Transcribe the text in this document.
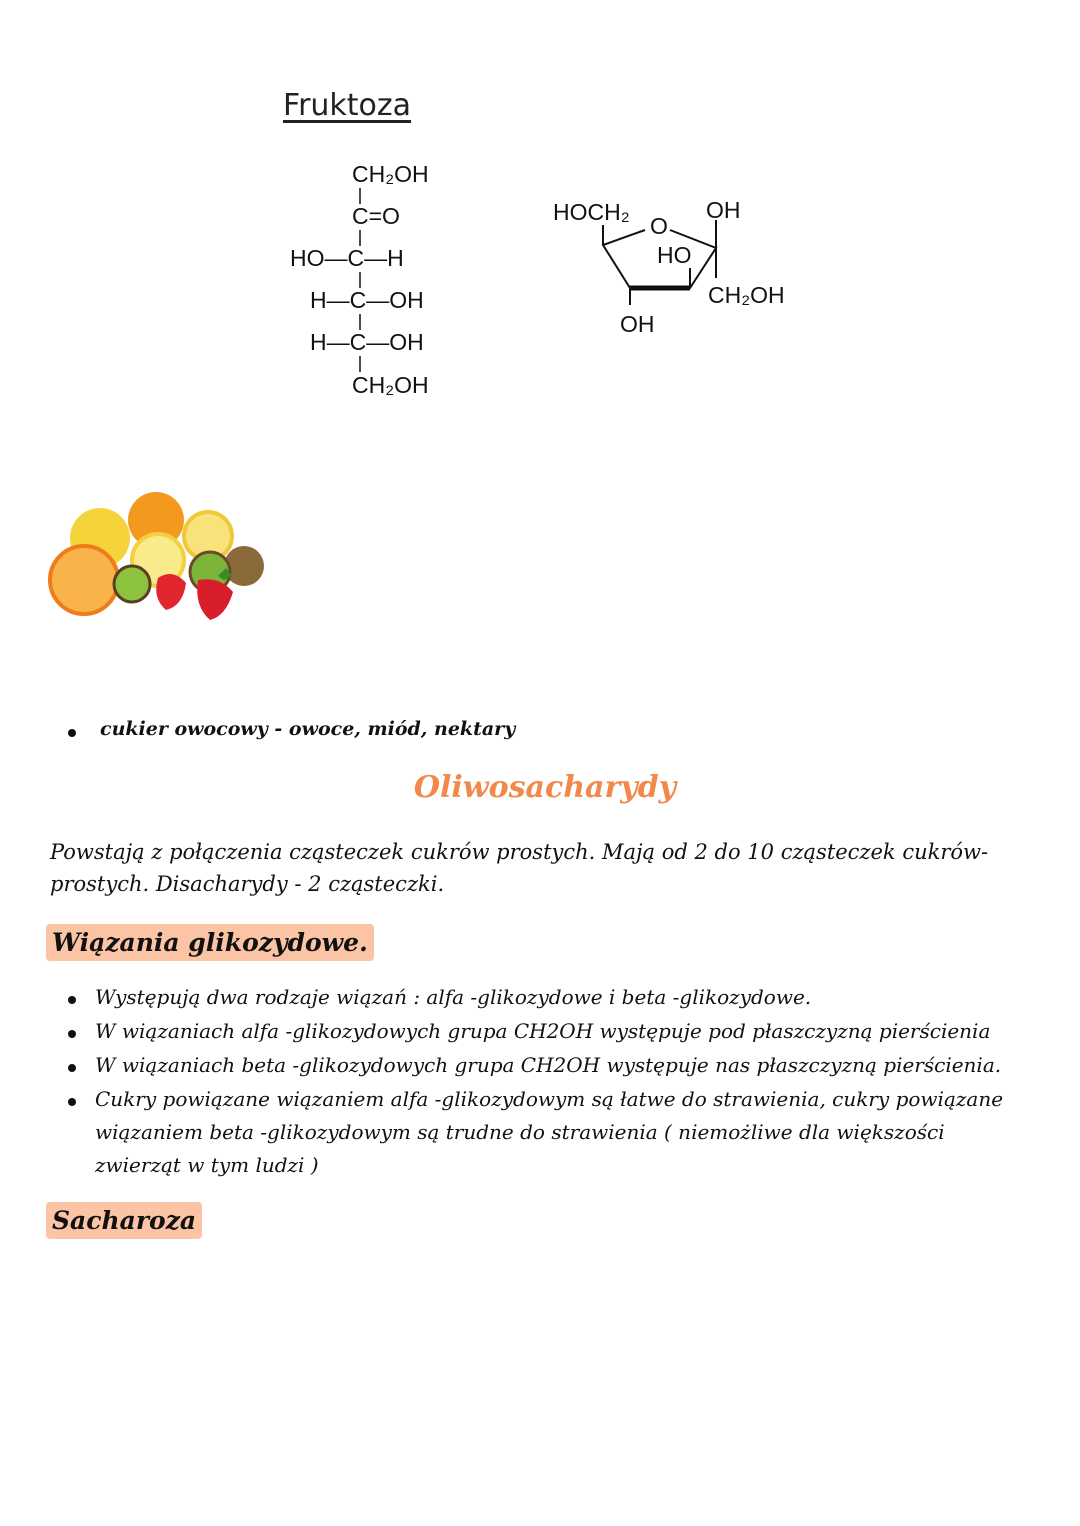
Fruktoza
CH₂OH
C=O
HO—C—H
H—C—OH
H—C—OH
CH₂OH
HOCH₂
O
OH
HO
CH₂OH
OH
cukier owocowy - owoce, miód, nektary
Oliwosacharydy
Powstają z połączenia cząsteczek cukrów prostych. Mają od 2 do 10 cząsteczek cukrów-
prostych. Disacharydy - 2 cząsteczki.
Wiązania glikozydowe.
Występują dwa rodzaje wiązań : alfa -glikozydowe i beta -glikozydowe.
W wiązaniach alfa -glikozydowych grupa CH2OH występuje pod płaszczyzną pierścienia
W wiązaniach beta -glikozydowych grupa CH2OH występuje nas płaszczyzną pierścienia.
Cukry powiązane wiązaniem alfa -glikozydowym są łatwe do strawienia, cukry powiązane
wiązaniem beta -glikozydowym są trudne do strawienia ( niemożliwe dla większości
zwierząt w tym ludzi )
Sacharoza
